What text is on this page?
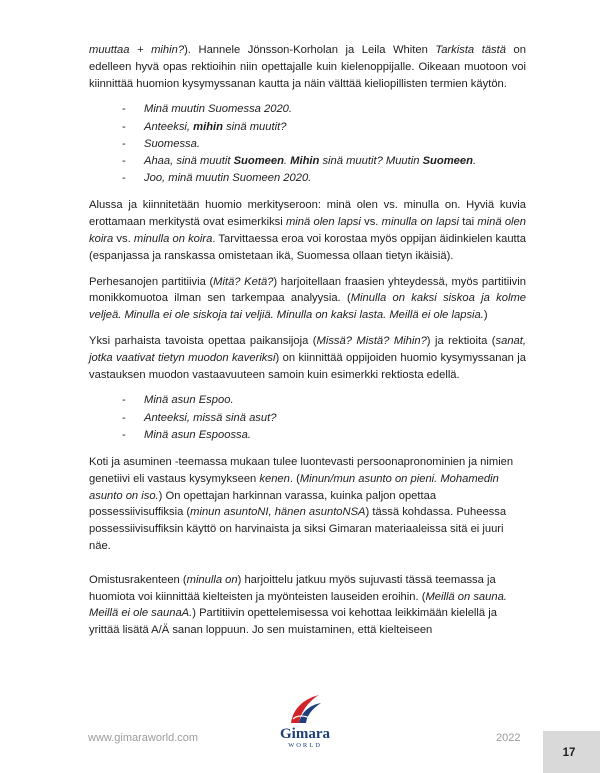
muuttaa + mihin?). Hannele Jönsson-Korholan ja Leila Whiten Tarkista tästä on edelleen hyvä opas rektioihin niin opettajalle kuin kielenoppijalle. Oikeaan muotoon voi kiinnittää huomion kysymyssanan kautta ja näin välttää kieliopillisten termien käytön.

- Minä muutin Suomessa 2020.
- Anteeksi, mihin sinä muutit?
- Suomessa.
- Ahaa, sinä muutit Suomeen. Mihin sinä muutit? Muutin Suomeen.
- Joo, minä muutin Suomeen 2020.

Alussa ja kiinnitetään huomio merkityseroon: minä olen vs. minulla on. Hyviä kuvia erottamaan merkitystä ovat esimerkiksi minä olen lapsi vs. minulla on lapsi tai minä olen koira vs. minulla on koira. Tarvittaessa eroa voi korostaa myös oppijan äidinkielen kautta (espanjassa ja ranskassa omistetaan ikä, Suomessa ollaan tietyn ikäisiä).

Perhesanojen partitiivia (Mitä? Ketä?) harjoitellaan fraasien yhteydessä, myös partitiivin monikkomuotoa ilman sen tarkempaa analyysia. (Minulla on kaksi siskoa ja kolme veljeä. Minulla ei ole siskoja tai veljiä. Minulla on kaksi lasta. Meillä ei ole lapsia.)

Yksi parhaista tavoista opettaa paikansijoja (Missä? Mistä? Mihin?) ja rektioita (sanat, jotka vaativat tietyn muodon kaveriksi) on kiinnittää oppijoiden huomio kysymyssanan ja vastauksen muodon vastaavuuteen samoin kuin esimerkki rektiosta edellä.

- Minä asun Espoo.
- Anteeksi, missä sinä asut?
- Minä asun Espoossa.

Koti ja asuminen -teemassa mukaan tulee luontevasti persoonapronominien ja nimien genetiivi eli vastaus kysymykseen kenen. (Minun/mun asunto on pieni. Mohamedin asunto on iso.) On opettajan harkinnan varassa, kuinka paljon opettaa possessiivisuffiksia (minun asuntoNI, hänen asuntoNSA) tässä kohdassa. Puheessa possessiivisuffiksin käyttö on harvinaista ja siksi Gimaran materiaaleissa sitä ei juuri näe.

Omistusrakenteen (minulla on) harjoittelu jatkuu myös sujuvasti tässä teemassa ja huomiota voi kiinnittää kielteisten ja myönteisten lauseiden eroihin. (Meillä on sauna. Meillä ei ole saunaA.) Partitiivin opettelemisessa voi kehottaa leikkimään kielellä ja yrittää lisätä A/Ä sanan loppuun. Jo sen muistaminen, että kielteiseen

www.gimaraworld.com	Gimara
WORLD
2022
17
